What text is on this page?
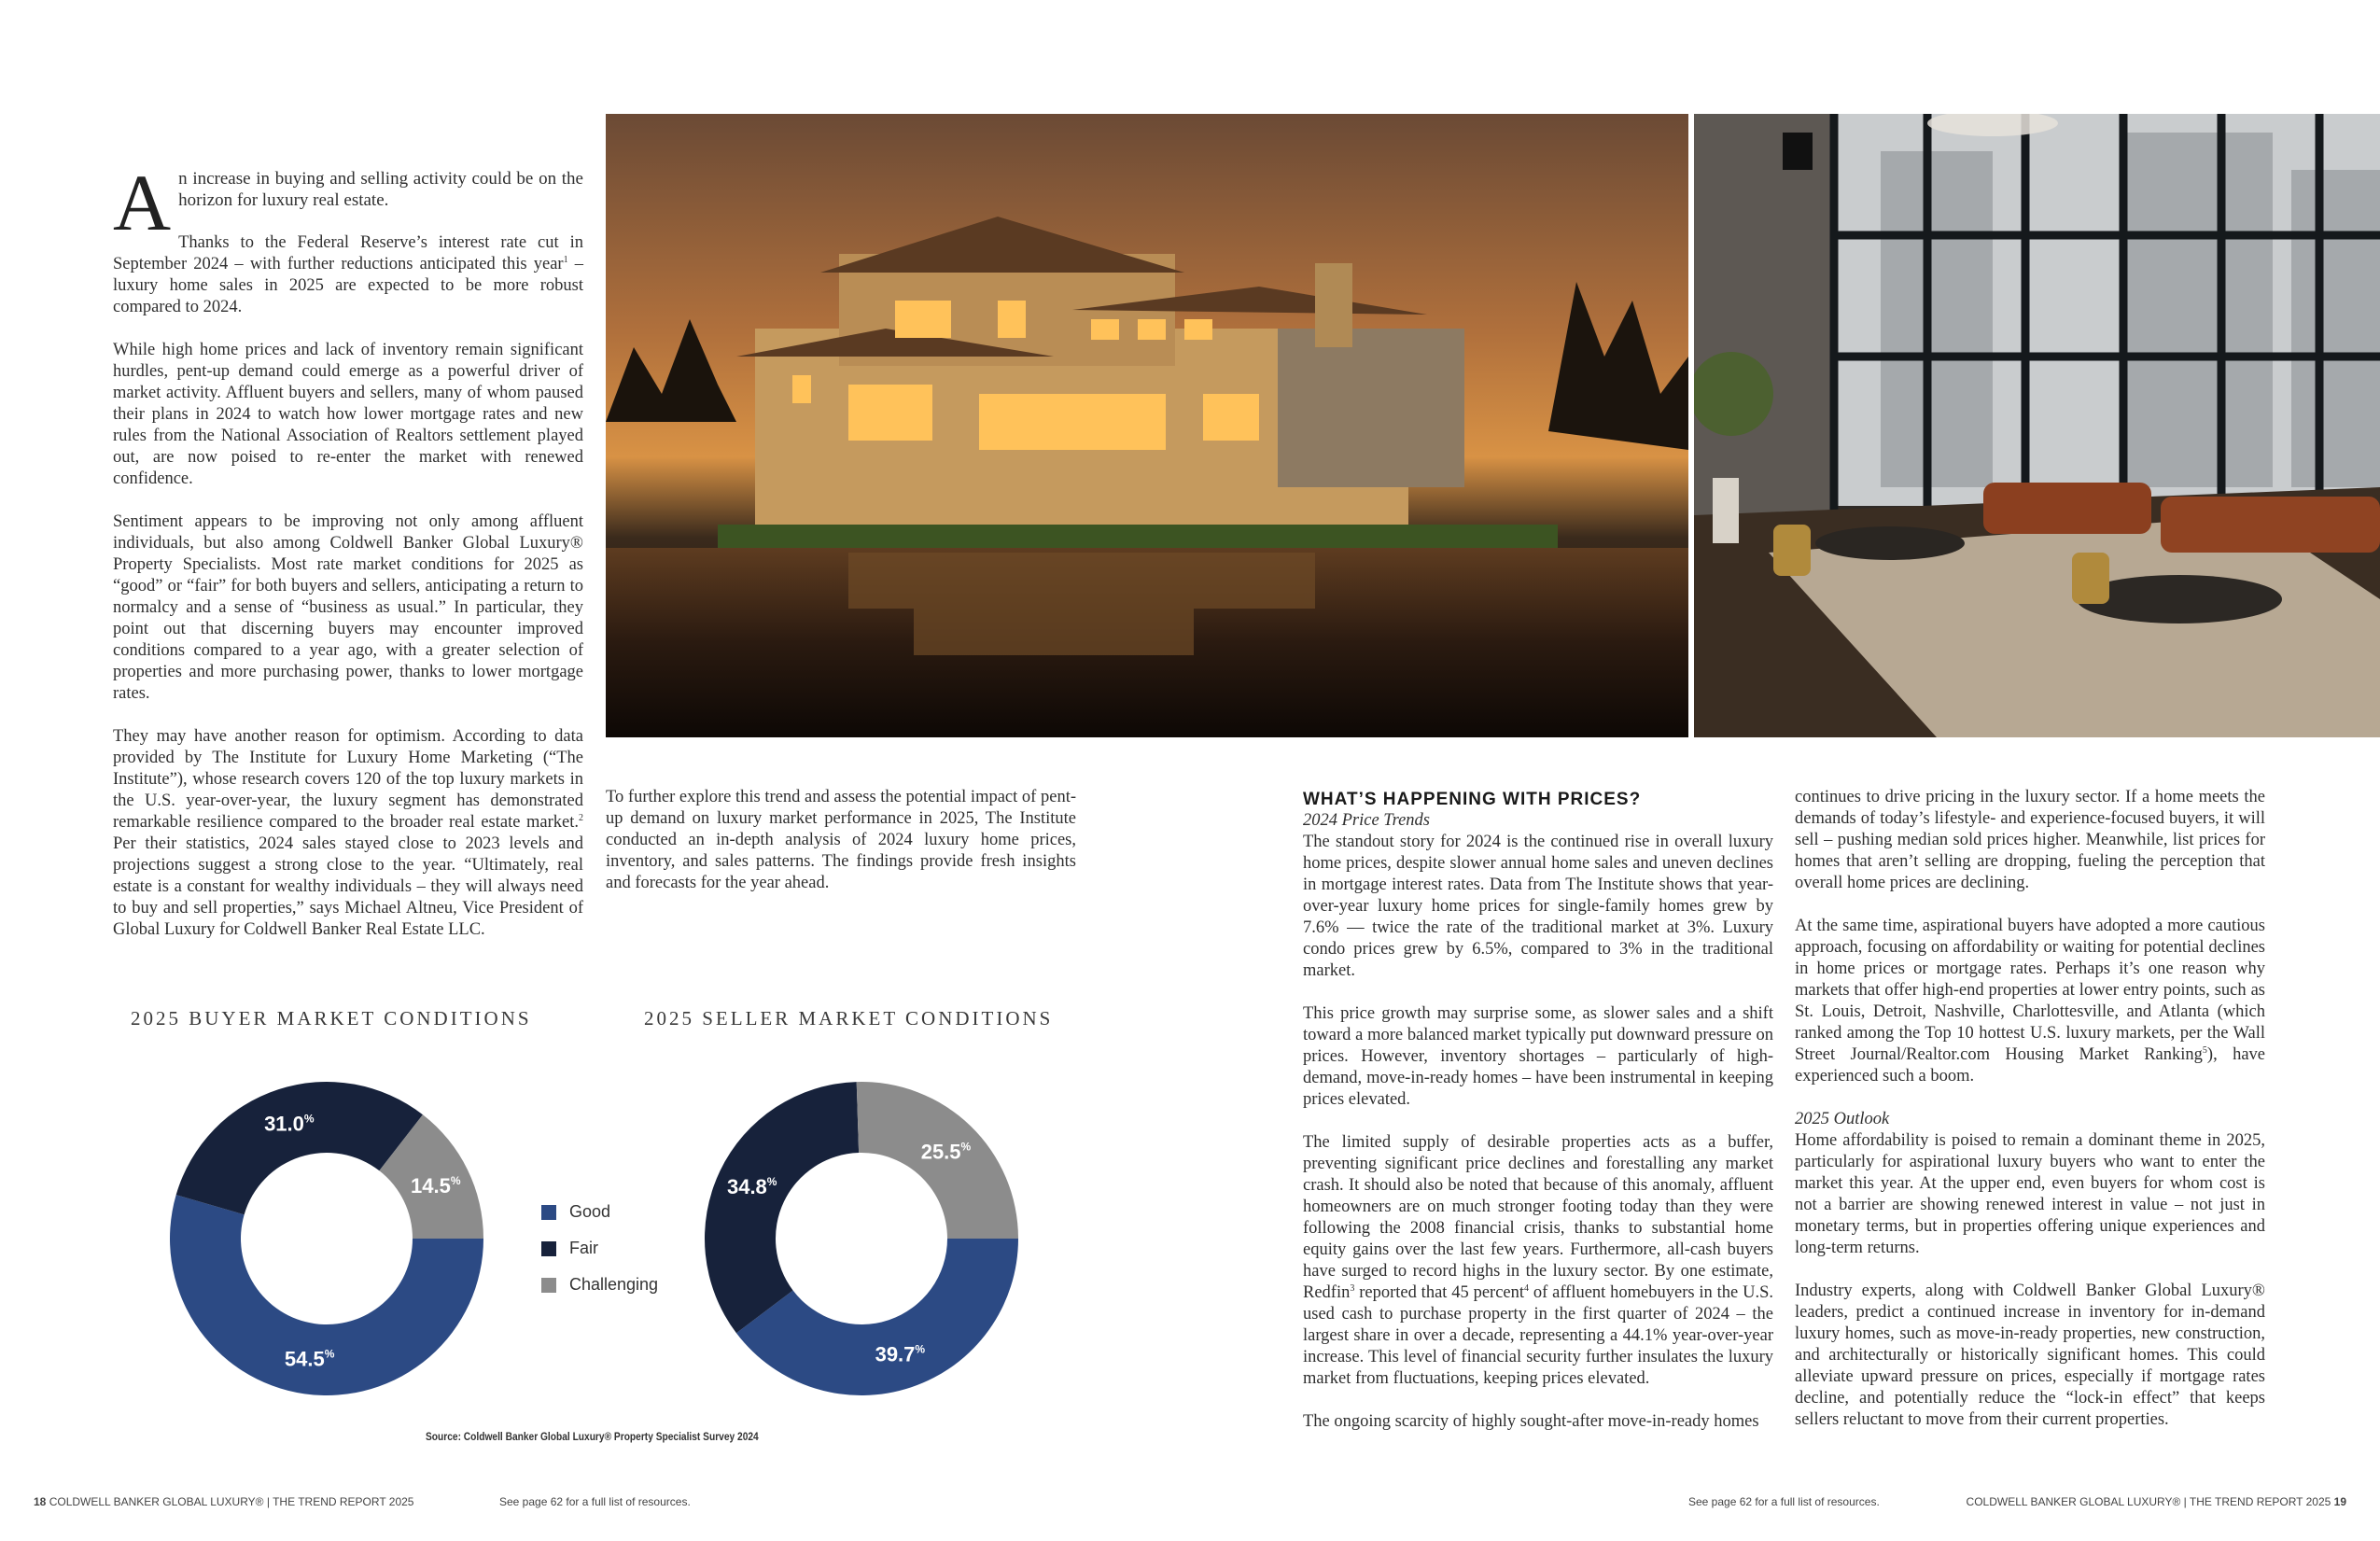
An increase in buying and selling activity could be on the horizon for luxury real estate.

Thanks to the Federal Reserve’s interest rate cut in September 2024 – with further reductions anticipated this year$^1$ – luxury home sales in 2025 are expected to be more robust compared to 2024.

While high home prices and lack of inventory remain significant hurdles, pent-up demand could emerge as a powerful driver of market activity. Affluent buyers and sellers, many of whom paused their plans in 2024 to watch how lower mortgage rates and new rules from the National Association of Realtors settlement played out, are now poised to re-enter the market with renewed confidence.

Sentiment appears to be improving not only among affluent individuals, but also among Coldwell Banker Global Luxury® Property Specialists. Most rate market conditions for 2025 as “good” or “fair” for both buyers and sellers, anticipating a return to normalcy and a sense of “business as usual.” In particular, they point out that discerning buyers may encounter improved conditions compared to a year ago, with a greater selection of properties and more purchasing power, thanks to lower mortgage rates.

They may have another reason for optimism. According to data provided by The Institute for Luxury Home Marketing (“The Institute”), whose research covers 120 of the top luxury markets in the U.S. year-over-year, the luxury segment has demonstrated remarkable resilience compared to the broader real estate market.$^2$ Per their statistics, 2024 sales stayed close to 2023 levels and projections suggest a strong close to the year. “Ultimately, real estate is a constant for wealthy individuals – they will always need to buy and sell properties,” says Michael Altneu, Vice President of Global Luxury for Coldwell Banker Real Estate LLC.

To further explore this trend and assess the potential impact of pent-up demand on luxury market performance in 2025, The Institute conducted an in-depth analysis of 2024 luxury home prices, inventory, and sales patterns. The findings provide fresh insights and forecasts for the year ahead.

2025 BUYER MARKET CONDITIONS	2025 SELLER MARKET CONDITIONS
54.5%
31.0%
14.5%
39.7%
34.8%
25.5%
Good
Fair
Challenging
Source: Coldwell Banker Global Luxury® Property Specialist Survey 2024
WHAT’S HAPPENING WITH PRICES?
2024 Price Trends

The standout story for 2024 is the continued rise in overall luxury home prices, despite slower annual home sales and uneven declines in mortgage interest rates. Data from The Institute shows that year-over-year luxury home prices for single-family homes grew by 7.6% — twice the rate of the traditional market at 3%. Luxury condo prices grew by 6.5%, compared to 3% in the traditional market.

This price growth may surprise some, as slower sales and a shift toward a more balanced market typically put downward pressure on prices. However, inventory shortages – particularly of high-demand, move-in-ready homes – have been instrumental in keeping prices elevated.

The limited supply of desirable properties acts as a buffer, preventing significant price declines and forestalling any market crash. It should also be noted that because of this anomaly, affluent homeowners are on much stronger footing today than they were following the 2008 financial crisis, thanks to substantial home equity gains over the last few years. Furthermore, all-cash buyers have surged to record highs in the luxury sector. By one estimate, Redfin$^3$ reported that 45 percent$^4$ of affluent homebuyers in the U.S. used cash to purchase property in the first quarter of 2024 – the largest share in over a decade, representing a 44.1% year-over-year increase. This level of financial security further insulates the luxury market from fluctuations, keeping prices elevated.

The ongoing scarcity of highly sought-after move-in-ready homes

continues to drive pricing in the luxury sector. If a home meets the demands of today’s lifestyle- and experience-focused buyers, it will sell – pushing median sold prices higher. Meanwhile, list prices for homes that aren’t selling are dropping, fueling the perception that overall home prices are declining.

At the same time, aspirational buyers have adopted a more cautious approach, focusing on affordability or waiting for potential declines in home prices or mortgage rates. Perhaps it’s one reason why markets that offer high-end properties at lower entry points, such as St. Louis, Detroit, Nashville, Charlottesville, and Atlanta (which ranked among the Top 10 hottest U.S. luxury markets, per the Wall Street Journal/Realtor.com Housing Market Ranking$^5$), have experienced such a boom.

2025 Outlook

Home affordability is poised to remain a dominant theme in 2025, particularly for aspirational luxury buyers who want to enter the market this year. At the upper end, even buyers for whom cost is not a barrier are showing renewed interest in value – not just in monetary terms, but in properties offering unique experiences and long-term returns.

Industry experts, along with Coldwell Banker Global Luxury® leaders, predict a continued increase in inventory for in-demand luxury homes, such as move-in-ready properties, new construction, and architecturally or historically significant homes. This could alleviate upward pressure on prices, especially if mortgage rates decline, and potentially reduce the “lock-in effect” that keeps sellers reluctant to move from their current properties.

18 COLDWELL BANKER GLOBAL LUXURY® | THE TREND REPORT 2025	See page 62 for a full list of resources.	See page 62 for a full list of resources.	COLDWELL BANKER GLOBAL LUXURY® | THE TREND REPORT 2025 19
